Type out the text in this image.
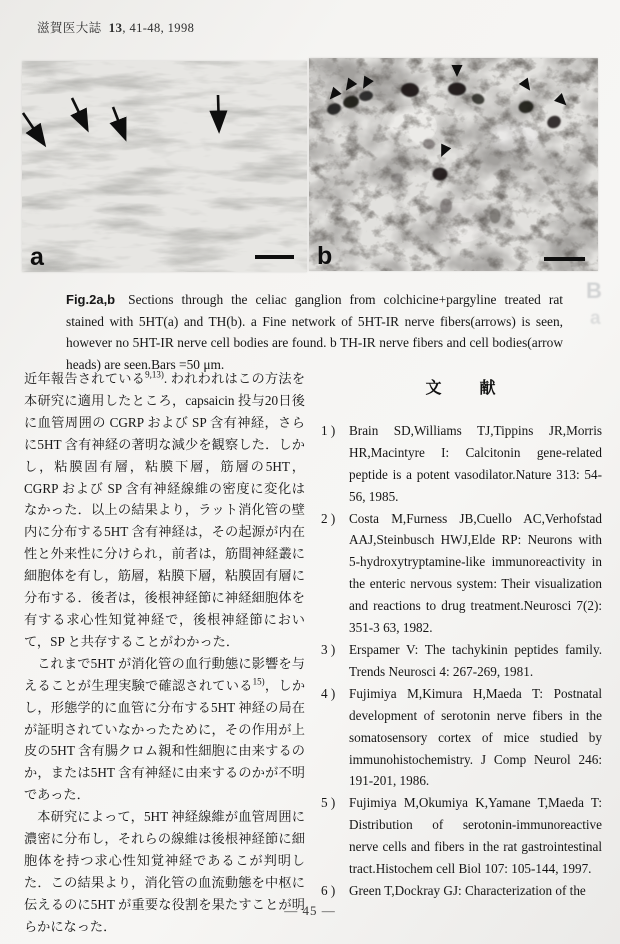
滋賀医大誌 13, 41-48, 1998
a	b
Fig.2a,b Sections through the celiac ganglion from colchicine+pargyline treated rat stained with 5HT(a) and TH(b). a Fine network of 5HT-IR nerve fibers(arrows) is seen, however no 5HT-IR nerve cell bodies are found. b TH-IR nerve fibers and cell bodies(arrow heads) are seen.Bars =50 μm.

近年報告されている$^{9,13)}$. われわれはこの方法を本研究に適用したところ，capsaicin 投与20日後に血管周囲の CGRP および SP 含有神経，さらに5HT 含有神経の著明な減少を観察した．しかし，粘膜固有層，粘膜下層，筋層の5HT，CGRP および SP 含有神経線維の密度に変化はなかった．以上の結果より，ラット消化管の壁内に分布する5HT 含有神経は，その起源が内在性と外来性に分けられ，前者は，筋間神経叢に細胞体を有し，筋層，粘膜下層，粘膜固有層に分布する．後者は，後根神経節に神経細胞体を有する求心性知覚神経で，後根神経節において，SP と共存することがわかった．

これまで5HT が消化管の血行動態に影響を与えることが生理実験で確認されている$^{15)}$，しかし，形態学的に血管に分布する5HT 神経の局在が証明されていなかったために，その作用が上皮の5HT 含有腸クロム親和性細胞に由来するのか，または5HT 含有神経に由来するのかが不明であった．

本研究によって，5HT 神経線維が血管周囲に濃密に分布し，それらの線維は後根神経節に細胞体を持つ求心性知覚神経であるこが判明した．この結果より，消化管の血流動態を中枢に伝えるのに5HT が重要な役割を果たすことが明らかになった．

文　　献
1 ) Brain SD,Williams TJ,Tippins JR,Morris HR,Macintyre I: Calcitonin gene-related peptide is a potent vasodilator.Nature 313: 54-56, 1985.
2 ) Costa M,Furness JB,Cuello AC,Verhofstad AAJ,Steinbusch HWJ,Elde RP: Neurons with 5-hydroxytryptamine-like immunoreactivity in the enteric nervous system: Their visualization and reactions to drug treatment.Neurosci 7(2): 351-3 63, 1982.
3 ) Erspamer V: The tachykinin peptides family. Trends Neurosci 4: 267-269, 1981.
4 ) Fujimiya M,Kimura H,Maeda T: Postnatal development of serotonin nerve fibers in the somatosensory cortex of mice studied by immunohistochemistry. J Comp Neurol 246: 191-201, 1986.
5 ) Fujimiya M,Okumiya K,Yamane T,Maeda T: Distribution of serotonin-immunoreactive nerve cells and fibers in the rat gastrointestinal tract.Histochem cell Biol 107: 105-144, 1997.
6 ) Green T,Dockray GJ: Characterization of the
B
a
— 45 —
